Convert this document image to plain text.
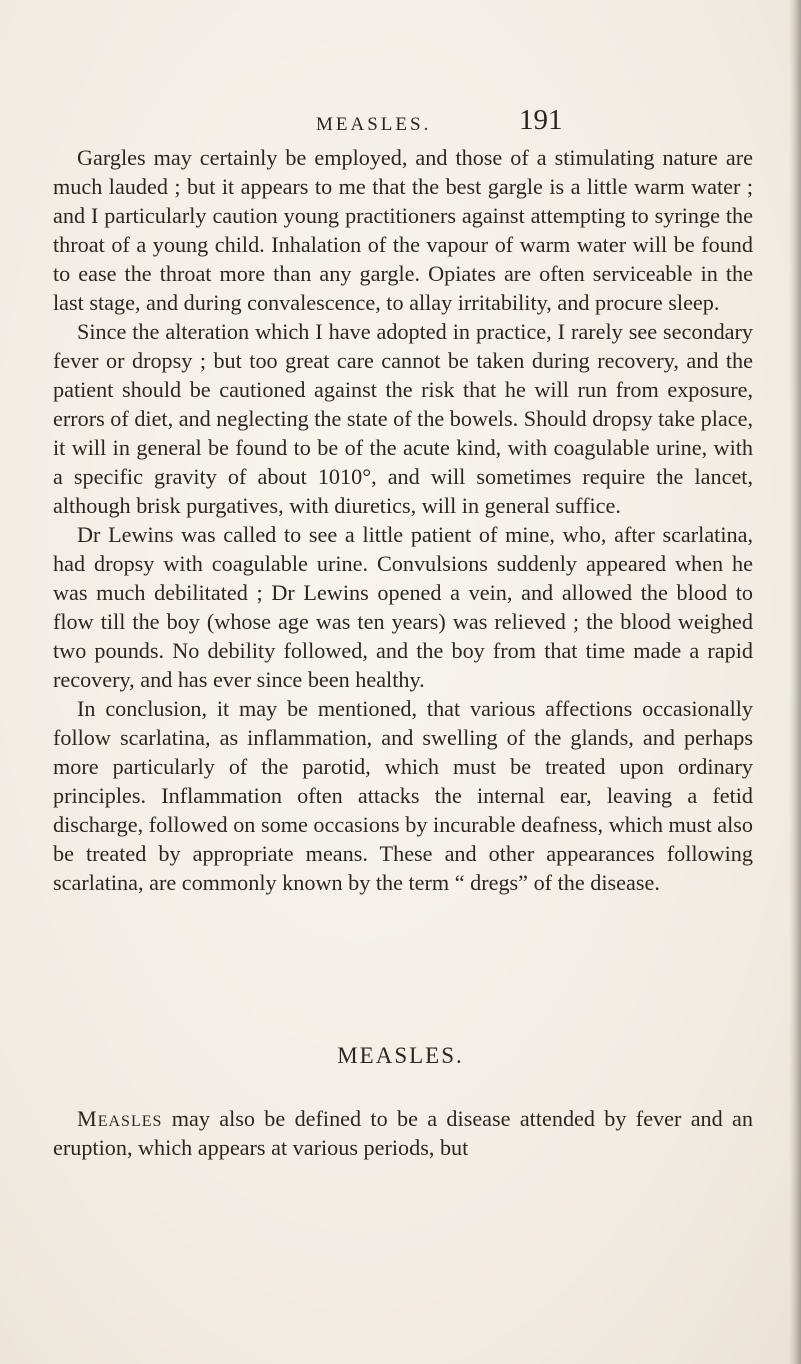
MEASLES.	191

Gargles may certainly be employed, and those of a stimulating nature are much lauded ; but it appears to me that the best gargle is a little warm water ; and I particularly caution young practitioners against attempting to syringe the throat of a young child. Inhalation of the vapour of warm water will be found to ease the throat more than any gargle. Opiates are often serviceable in the last stage, and during convalescence, to allay irritability, and procure sleep.

Since the alteration which I have adopted in practice, I rarely see secondary fever or dropsy ; but too great care cannot be taken during recovery, and the patient should be cautioned against the risk that he will run from exposure, errors of diet, and neglecting the state of the bowels. Should dropsy take place, it will in general be found to be of the acute kind, with coagulable urine, with a specific gravity of about 1010°, and will sometimes require the lancet, although brisk purgatives, with diuretics, will in general suffice.

Dr Lewins was called to see a little patient of mine, who, after scarlatina, had dropsy with coagulable urine. Convulsions suddenly appeared when he was much debilitated ; Dr Lewins opened a vein, and allowed the blood to flow till the boy (whose age was ten years) was relieved ; the blood weighed two pounds. No debility followed, and the boy from that time made a rapid recovery, and has ever since been healthy.

In conclusion, it may be mentioned, that various affections occasionally follow scarlatina, as inflammation, and swelling of the glands, and perhaps more particularly of the parotid, which must be treated upon ordinary principles. Inflammation often attacks the internal ear, leaving a fetid discharge, followed on some occasions by incurable deafness, which must also be treated by appropriate means. These and other appearances following scarlatina, are commonly known by the term “ dregs” of the disease.

MEASLES.

Measles may also be defined to be a disease attended by fever and an eruption, which appears at various periods, but
